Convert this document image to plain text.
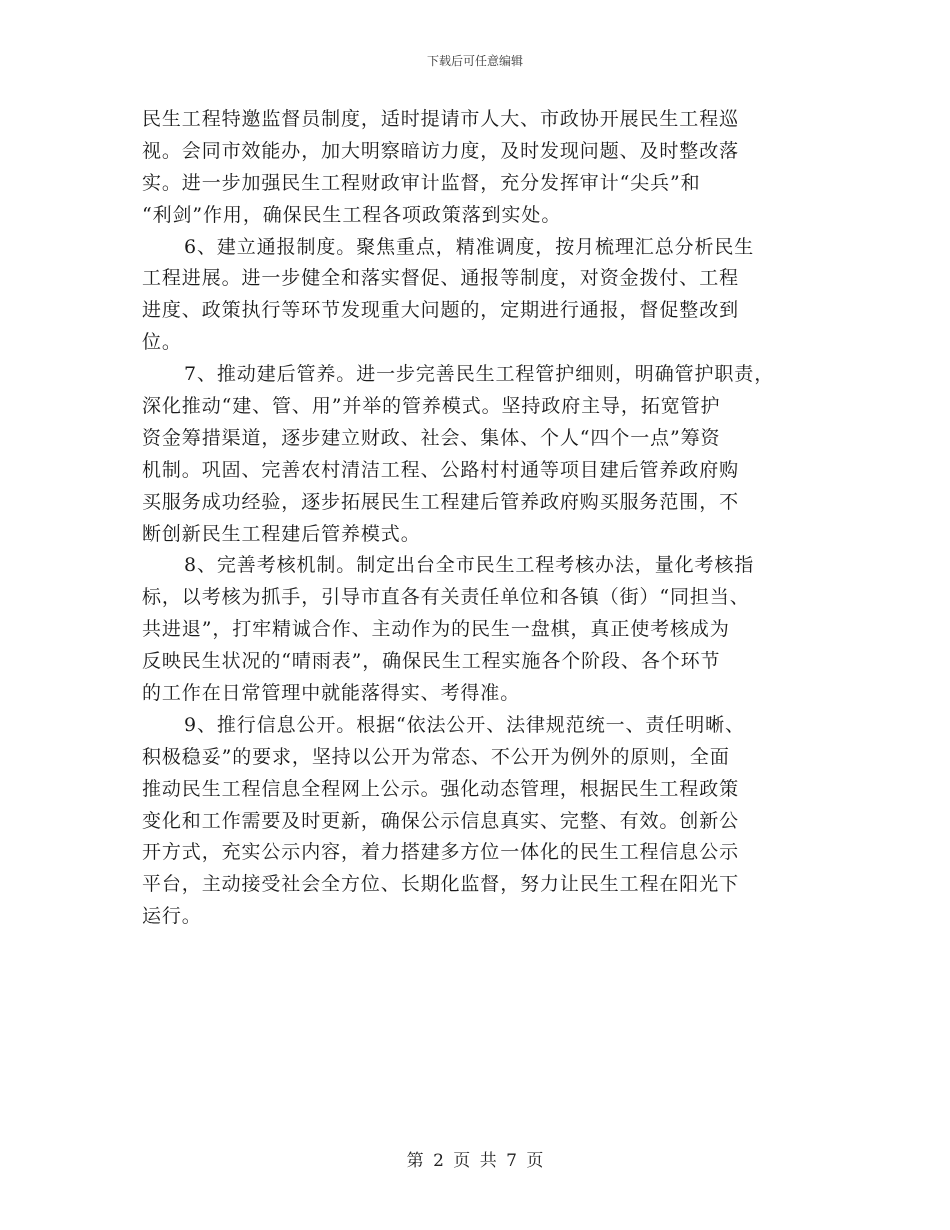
下载后可任意编辑
民生工程特邀监督员制度，适时提请市人大、市政协开展民生工程巡
视。会同市效能办，加大明察暗访力度，及时发现问题、及时整改落
实。进一步加强民生工程财政审计监督，充分发挥审计“尖兵”和
“利剑”作用，确保民生工程各项政策落到实处。
6、建立通报制度。聚焦重点，精准调度，按月梳理汇总分析民生
工程进展。进一步健全和落实督促、通报等制度，对资金拨付、工程
进度、政策执行等环节发现重大问题的，定期进行通报，督促整改到
位。
7、推动建后管养。进一步完善民生工程管护细则，明确管护职责，
深化推动“建、管、用”并举的管养模式。坚持政府主导，拓宽管护
资金筹措渠道，逐步建立财政、社会、集体、个人“四个一点”筹资
机制。巩固、完善农村清洁工程、公路村村通等项目建后管养政府购
买服务成功经验，逐步拓展民生工程建后管养政府购买服务范围，不
断创新民生工程建后管养模式。
8、完善考核机制。制定出台全市民生工程考核办法，量化考核指
标，以考核为抓手，引导市直各有关责任单位和各镇（街）“同担当、
共进退”，打牢精诚合作、主动作为的民生一盘棋，真正使考核成为
反映民生状况的“晴雨表”，确保民生工程实施各个阶段、各个环节
的工作在日常管理中就能落得实、考得准。
9、推行信息公开。根据“依法公开、法律规范统一、责任明晰、
积极稳妥”的要求，坚持以公开为常态、不公开为例外的原则，全面
推动民生工程信息全程网上公示。强化动态管理，根据民生工程政策
变化和工作需要及时更新，确保公示信息真实、完整、有效。创新公
开方式，充实公示内容，着力搭建多方位一体化的民生工程信息公示
平台，主动接受社会全方位、长期化监督，努力让民生工程在阳光下
运行。
第 2 页 共 7 页
